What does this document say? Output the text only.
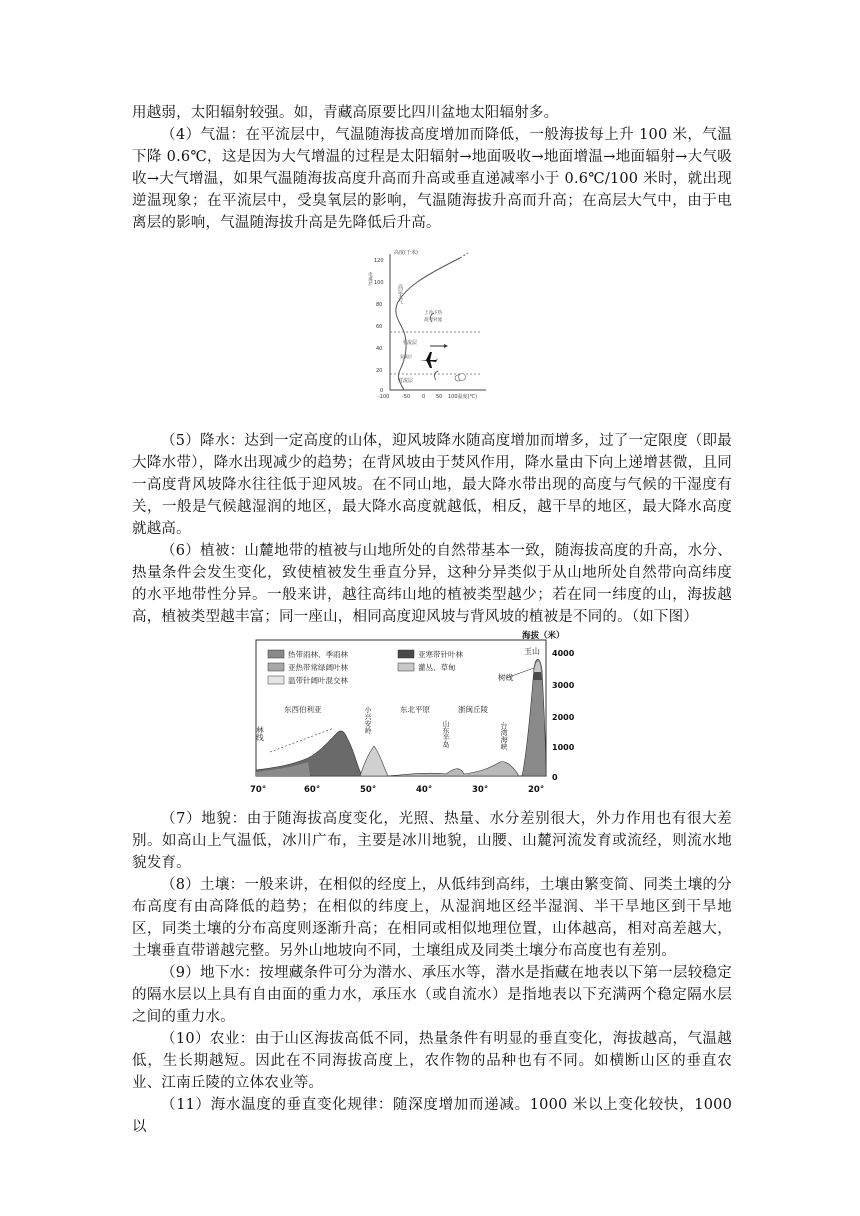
用越弱，太阳辐射较强。如，青藏高原要比四川盆地太阳辐射多。

（4）气温：在平流层中，气温随海拔高度增加而降低，一般海拔每上升 100 米，气温下降 0.6℃，这是因为大气增温的过程是太阳辐射→地面吸收→地面增温→地面辐射→大气吸收→大气增温，如果气温随海拔高度升高而升高或垂直递减率小于 0.6℃/100 米时，就出现逆温现象；在平流层中，受臭氧层的影响，气温随海拔升高而升高；在高层大气中，由于电离层的影响，气温随海拔升高是先降低后升高。

高度(千米)
120
100
80
60
40
20
0
-100	-50 0 50 100温度(℃)
电离层
高层大气
上冷下热
高空对流
平流层
臭氧层
对流层

（5）降水：达到一定高度的山体，迎风坡降水随高度增加而增多，过了一定限度（即最大降水带），降水出现减少的趋势；在背风坡由于焚风作用，降水量由下向上递增甚微，且同一高度背风坡降水往往低于迎风坡。在不同山地，最大降水带出现的高度与气候的干湿度有关，一般是气候越湿润的地区，最大降水高度就越低，相反，越干旱的地区，最大降水高度就越高。

（6）植被：山麓地带的植被与山地所处的自然带基本一致，随海拔高度的升高，水分、热量条件会发生变化，致使植被发生垂直分异，这种分异类似于从山地所处自然带向高纬度的水平地带性分异。一般来讲，越往高纬山地的植被类型越少；若在同一纬度的山，海拔越高，植被类型越丰富；同一座山，相同高度迎风坡与背风坡的植被是不同的。（如下图）

热带雨林、季雨林
亚热带常绿阔叶林
温带针阔叶混交林
亚寒带针叶林
灌丛、草甸
玉山
树线
林线
东西伯利亚	小兴安岭	东北平原
山东半岛
浙闽丘陵
台湾海峡
海拔（米）
4000
3000
2000
1000
0
70°	60°	50°	40°	30°	20°

（7）地貌：由于随海拔高度变化，光照、热量、水分差别很大，外力作用也有很大差别。如高山上气温低，冰川广布，主要是冰川地貌，山腰、山麓河流发育或流经，则流水地貌发育。

（8）土壤：一般来讲，在相似的经度上，从低纬到高纬，土壤由繁变简、同类土壤的分布高度有由高降低的趋势；在相似的纬度上，从湿润地区经半湿润、半干旱地区到干旱地区，同类土壤的分布高度则逐渐升高；在相同或相似地理位置，山体越高，相对高差越大，土壤垂直带谱越完整。另外山地坡向不同，土壤组成及同类土壤分布高度也有差别。

（9）地下水：按埋藏条件可分为潜水、承压水等，潜水是指藏在地表以下第一层较稳定的隔水层以上具有自由面的重力水，承压水（或自流水）是指地表以下充满两个稳定隔水层之间的重力水。

（10）农业：由于山区海拔高低不同，热量条件有明显的垂直变化，海拔越高，气温越低，生长期越短。因此在不同海拔高度上，农作物的品种也有不同。如横断山区的垂直农业、江南丘陵的立体农业等。

（11）海水温度的垂直变化规律：随深度增加而递减。1000 米以上变化较快，1000 以
